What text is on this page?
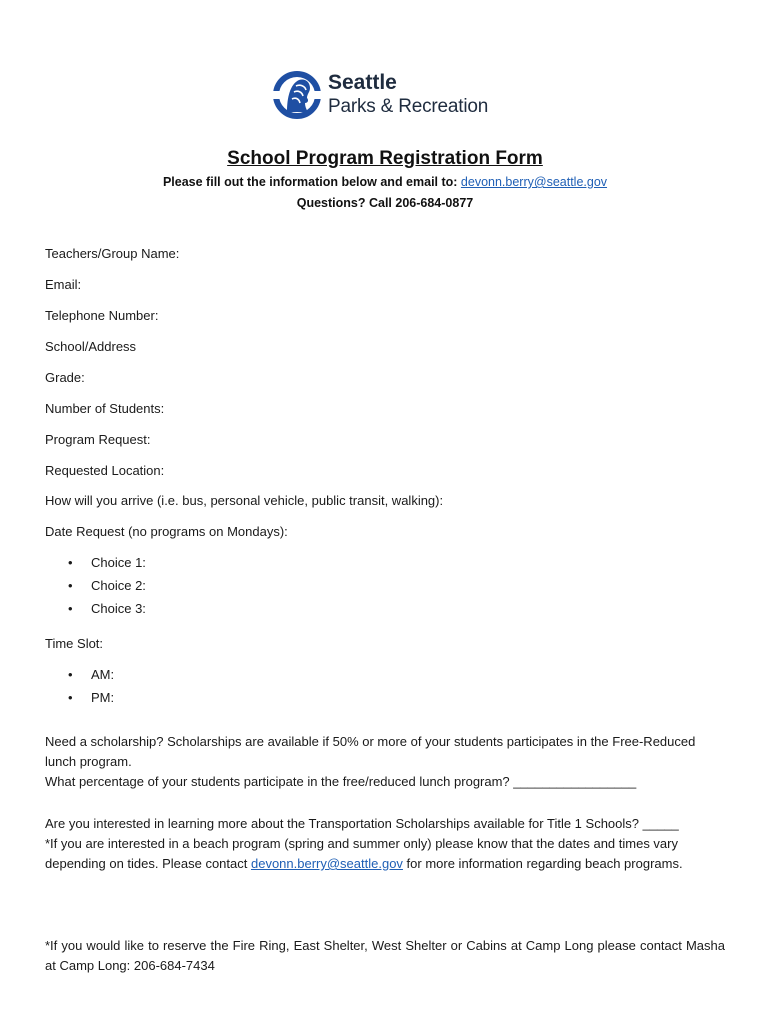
Seattle
Parks & Recreation
School Program Registration Form
Please fill out the information below and email to: devonn.berry@seattle.gov
Questions? Call 206-684-0877
Teachers/Group Name:
Email:
Telephone Number:
School/Address
Grade:
Number of Students:
Program Request:
Requested Location:
How will you arrive (i.e. bus, personal vehicle, public transit, walking):
Date Request (no programs on Mondays):
• Choice 1:
• Choice 2:
• Choice 3:
Time Slot:
• AM:
• PM:
Need a scholarship? Scholarships are available if 50% or more of your students participates in the Free-Reduced lunch program.
What percentage of your students participate in the free/reduced lunch program? _________________
Are you interested in learning more about the Transportation Scholarships available for Title 1 Schools? _____
*If you are interested in a beach program (spring and summer only) please know that the dates and times vary depending on tides. Please contact devonn.berry@seattle.gov for more information regarding beach programs.
*If you would like to reserve the Fire Ring, East Shelter, West Shelter or Cabins at Camp Long please contact Masha at Camp Long: 206-684-7434
